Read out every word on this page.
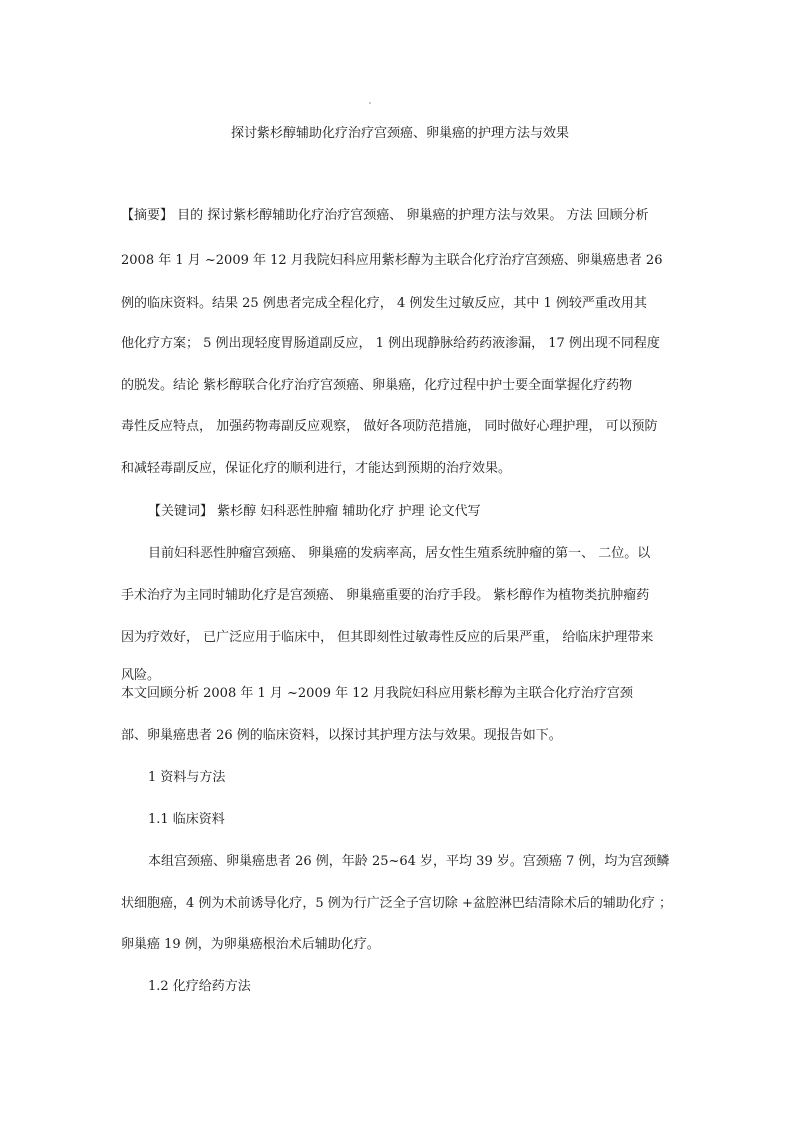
探讨紫杉醇辅助化疗治疗宫颈癌、卵巢癌的护理方法与效果
【摘要】 目的 探讨紫杉醇辅助化疗治疗宫颈癌、 卵巢癌的护理方法与效果。 方法 回顾分析
2008 年 1 月 ~2009 年 12 月我院妇科应用紫杉醇为主联合化疗治疗宫颈癌、卵巢癌患者 26
例的临床资料。结果 25 例患者完成全程化疗， 4 例发生过敏反应，其中 1 例较严重改用其
他化疗方案； 5 例出现轻度胃肠道副反应， 1 例出现静脉给药药液渗漏， 17 例出现不同程度
的脱发。结论 紫杉醇联合化疗治疗宫颈癌、卵巢癌，化疗过程中护士要全面掌握化疗药物
毒性反应特点， 加强药物毒副反应观察， 做好各项防范措施， 同时做好心理护理， 可以预防
和减轻毒副反应，保证化疗的顺利进行，才能达到预期的治疗效果。
【关键词】 紫杉醇 妇科恶性肿瘤 辅助化疗 护理 论文代写
目前妇科恶性肿瘤宫颈癌、 卵巢癌的发病率高，居女性生殖系统肿瘤的第一、 二位。以
手术治疗为主同时辅助化疗是宫颈癌、 卵巢癌重要的治疗手段。 紫杉醇作为植物类抗肿瘤药
因为疗效好， 已广泛应用于临床中， 但其即刻性过敏毒性反应的后果严重， 给临床护理带来
风险。
本文回顾分析 2008 年 1 月 ~2009 年 12 月我院妇科应用紫杉醇为主联合化疗治疗宫颈
部、卵巢癌患者 26 例的临床资料，以探讨其护理方法与效果。现报告如下。
1 资料与方法
1.1 临床资料
本组宫颈癌、卵巢癌患者 26 例，年龄 25~64 岁，平均 39 岁。宫颈癌 7 例，均为宫颈鳞
状细胞癌，4 例为术前诱导化疗，5 例为行广泛全子宫切除 +盆腔淋巴结清除术后的辅助化疗 ；
卵巢癌 19 例，为卵巢癌根治术后辅助化疗。
1.2 化疗给药方法
